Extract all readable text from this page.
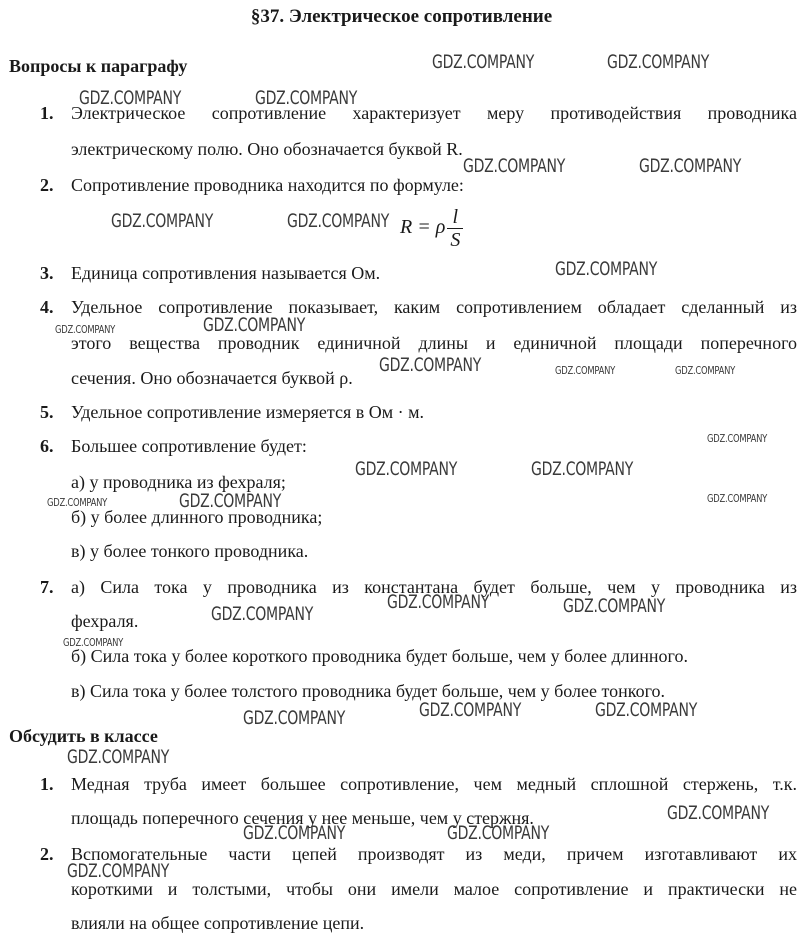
§37. Электрическое сопротивление
Вопросы к параграфу
1. Электрическое сопротивление характеризует меру противодействия проводника
электрическому полю. Оно обозначается буквой R.
2. Сопротивление проводника находится по формуле:
R = ρ $\frac{l}{S}$
3. Единица сопротивления называется Ом.
4. Удельное сопротивление показывает, каким сопротивлением обладает сделанный из
этого вещества проводник единичной длины и единичной площади поперечного
сечения. Оно обозначается буквой ρ.
5. Удельное сопротивление измеряется в Ом · м.
6. Большее сопротивление будет:
а) у проводника из фехраля;
б) у более длинного проводника;
в) у более тонкого проводника.
7. а) Сила тока у проводника из константана будет больше, чем у проводника из
фехраля.
б) Сила тока у более короткого проводника будет больше, чем у более длинного.
в) Сила тока у более толстого проводника будет больше, чем у более тонкого.
Обсудить в классе
1. Медная труба имеет большее сопротивление, чем медный сплошной стержень, т.к.
площадь поперечного сечения у нее меньше, чем у стержня.
2. Вспомогательные части цепей производят из меди, причем изготавливают их
короткими и толстыми, чтобы они имели малое сопротивление и практически не
влияли на общее сопротивление цепи.
GDZ.COMPANY	GDZ.COMPANY
GDZ.COMPANY	GDZ.COMPANY
GDZ.COMPANY	GDZ.COMPANY
GDZ.COMPANY	GDZ.COMPANY
GDZ.COMPANY
GDZ.COMPANY	GDZ.COMPANY
GDZ.COMPANY	GDZ.COMPANY	GDZ.COMPANY
GDZ.COMPANY
GDZ.COMPANY	GDZ.COMPANY
GDZ.COMPANY	GDZ.COMPANY	GDZ.COMPANY
GDZ.COMPANY	GDZ.COMPANY
GDZ.COMPANY
GDZ.COMPANY
GDZ.COMPANY	GDZ.COMPANY
GDZ.COMPANY
GDZ.COMPANY
GDZ.COMPANY
GDZ.COMPANY	GDZ.COMPANY
GDZ.COMPANY
